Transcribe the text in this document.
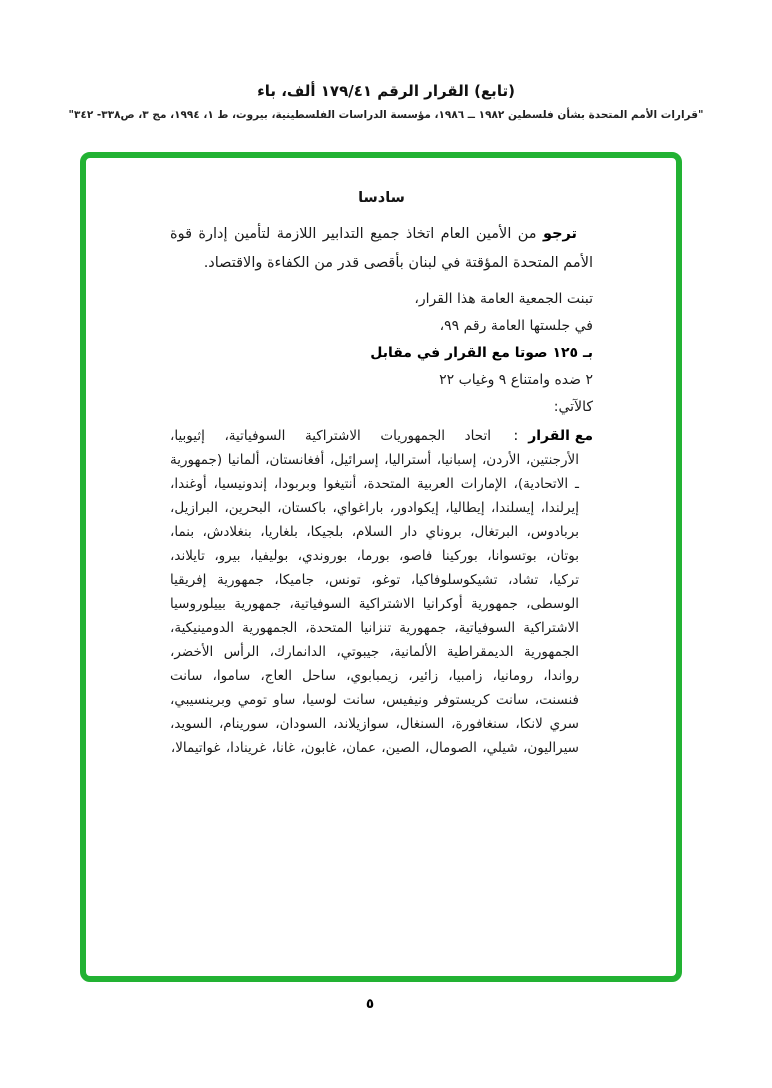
(تابع) القرار الرقم ١٧٩/٤١ ألف، باء
"قرارات الأمم المتحدة بشأن فلسطين ١٩٨٢ ــ ١٩٨٦، مؤسسة الدراسات الفلسطينية، بيروت، ط ١، ١٩٩٤، مج ٣، ص٣٣٨- ٣٤٢"
سادسا

ترجو من الأمين العام اتخاذ جميع التدابير اللازمة لتأمين إدارة قوة الأمم المتحدة المؤقتة في لبنان بأقصى قدر من الكفاءة والاقتصاد.

تبنت الجمعية العامة هذا القرار،

في جلستها العامة رقم ٩٩،

بـ ١٢٥ صوتا مع القرار في مقابل

٢ ضده وامتناع ٩ وغياب ٢٢

كالآتي:

مع القرار:

اتحاد الجمهوريات الاشتراكية السوفياتية، إثيوبيا، الأرجنتين، الأردن، إسبانيا، أستراليا، إسرائيل، أفغانستان، ألمانيا (جمهورية ـ الاتحادية)، الإمارات العربية المتحدة، أنتيغوا وبربودا، إندونيسيا، أوغندا، إيرلندا، إيسلندا، إيطاليا، إيكوادور، باراغواي، باكستان، البحرين، البرازيل، بربادوس، البرتغال، بروناي دار السلام، بلجيكا، بلغاريا، بنغلادش، بنما، بوتان، بوتسوانا، بوركينا فاصو، بورما، بوروندي، بوليفيا، بيرو، تايلاند، تركيا، تشاد، تشيكوسلوفاكيا، توغو، تونس، جاميكا، جمهورية إفريقيا الوسطى، جمهورية أوكرانيا الاشتراكية السوفياتية، جمهورية بييلوروسيا الاشتراكية السوفياتية، جمهورية تنزانيا المتحدة، الجمهورية الدومينيكية، الجمهورية الديمقراطية الألمانية، جيبوتي، الدانمارك، الرأس الأخضر، رواندا، رومانيا، زامبيا، زائير، زيمبابوي، ساحل العاج، ساموا، سانت فنسنت، سانت كريستوفر ونيفيس، سانت لوسيا، ساو تومي وبرينسيبي، سري لانكا، سنغافورة، السنغال، سوازيلاند، السودان، سورينام، السويد، سيراليون، شيلي، الصومال، الصين، عمان، غابون، غانا، غرينادا، غواتيمالا،

٥
